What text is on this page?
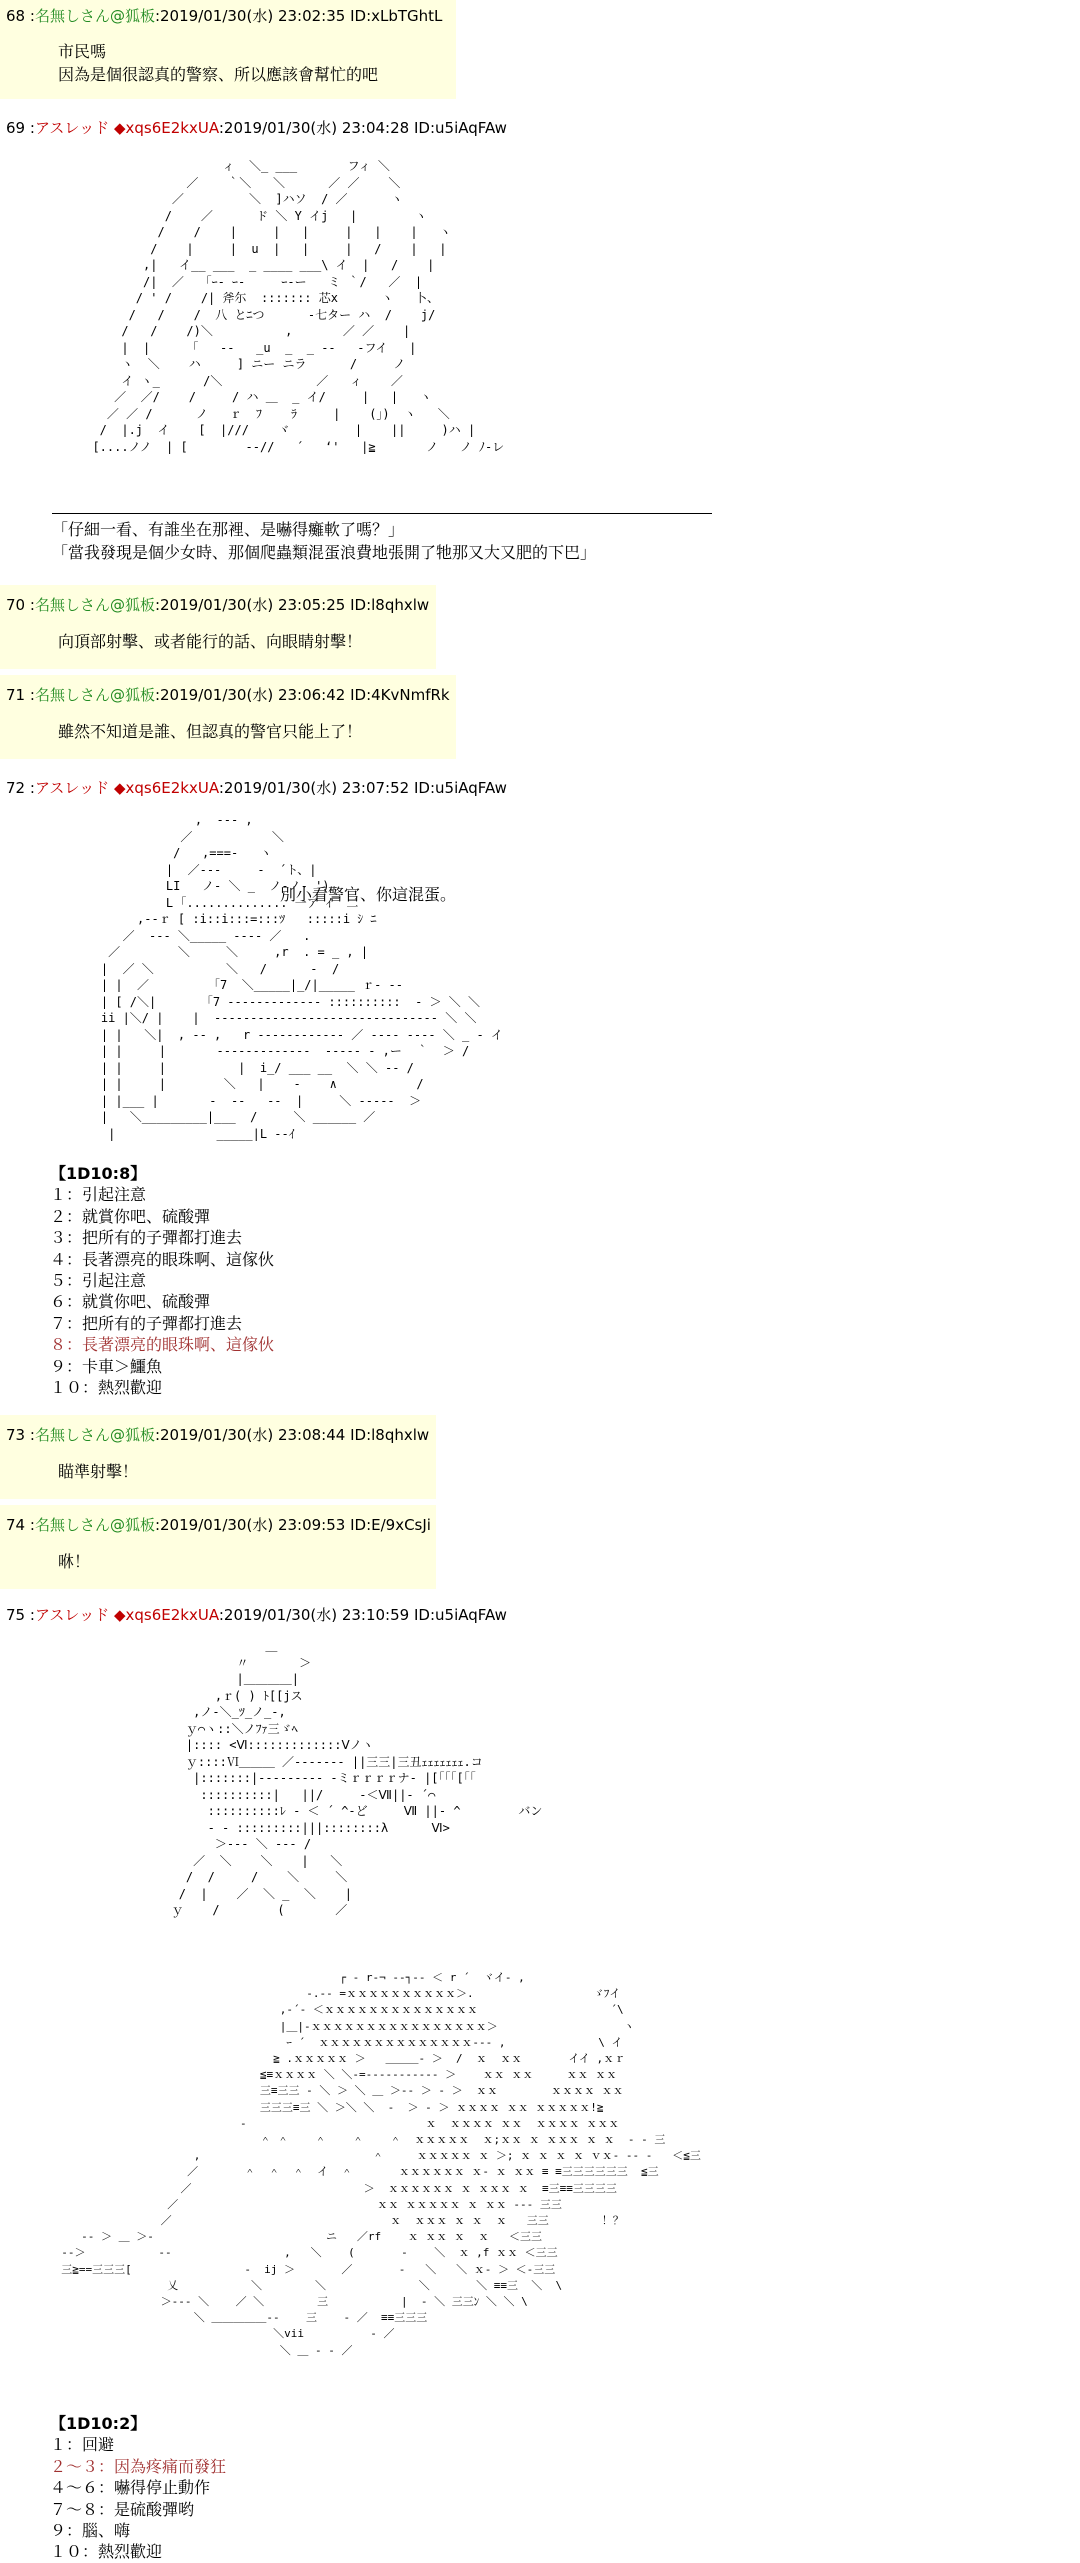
68 :名無しさん@狐板:2019/01/30(水) 23:02:35 ID:xLbTGhtL
市民嗎
因為是個很認真的警察、所以應該會幫忙的吧
69 :アスレッド ◆xqs6E2kxUA:2019/01/30(水) 23:04:28 ID:u5iAqFAw
ィ  ＼_ ___       フィ ＼
／    ｀＼   ＼      ／ ／    ＼
／         ＼  ]ハソ  / ／      ヽ
/    ／      ド ＼ Y イj   |        ヽ
/    /    |     |   |     |   |    |   ヽ
/    |     |  u  |   |     |   /    |   |
,|   イ__ ___  _ ____ ___\ イ  |   /    |
/|  ／   ｢ｰ‐ ｰ‐     ｰ‐ー   ミ ｀/   ／  |
/ ' /    /| 斧尓  ::::::: 芯x      ヽ   卜、
/   /    /  八 とﾆつ      ‐七ター ハ  /    j/
/   /    /)＼          ,       ／ ／    |
|  |     「   ‐-   _u  _  _ -‐   -フイ   |
ヽ  ＼    ハ     ] ニー ニラ      /     ノ
イ ヽ_      /＼             ／   ィ    ／
／  ／/    /     / ハ ＿  _ イ/     |   |   ヽ
／ ／ /      ノ   ｒ  ﾌ    ﾗ     |    (｣)  ヽ   ＼
/  |.j  イ    [  |///    ヾ         |    ||     )ハ |
[....ノノ  | [        ‐‐//   ´   ‘'   |≧       ノ   ノ ﾉ‐レ
「仔細一看、有誰坐在那裡、是嚇得癱軟了嗎？」
「當我發現是個少女時、那個爬蟲類混蛋浪費地張開了牠那又大又肥的下巴」
70 :名無しさん@狐板:2019/01/30(水) 23:05:25 ID:l8qhxlw
向頂部射擊、或者能行的話、向眼睛射擊！
71 :名無しさん@狐板:2019/01/30(水) 23:06:42 ID:4KvNmfRk
雖然不知道是誰、但認真的警官只能上了！
72 :アスレッド ◆xqs6E2kxUA:2019/01/30(水) 23:07:52 ID:u5iAqFAw
,  ‐‐‐ ,
／           ＼
/   ,===‐   ヽ
|  ／‐‐‐     ‐  ´ト、|
LI   ノ- ＼ _  ノ‐ノ‐ ')
L ｢.............. 一ア ｲ  二
,‐‐ｒ [ :i::i:::=:::ﾂ   :::::i ｼ ﾆ
／  ‐‐‐ ＼_____ ‐‐‐‐ ／   .
／        ＼     ＼     ,r  . = _ , |
|  ／ ＼          ＼   /      ‐  /
| |  ／         ｢7  ＼_____|_/|_____ ｒ‐ ‐‐
| [ /＼|       ｢7 ‐‐‐‐‐‐‐‐‐‐‐‐‐ ::::::::::  ‐ ＞ ＼ ＼
ii |＼/ |    |  ‐‐‐‐‐‐‐‐‐‐‐‐‐‐‐‐‐‐‐‐‐‐‐‐‐‐‐‐‐‐‐ ＼ ＼
| |   ＼|  , ‐‐ ,   r ‐‐‐‐‐‐‐‐‐‐‐‐ ／ ‐‐‐‐ ‐‐‐‐ ＼ _ ‐ イ
| |     |       ‐‐‐‐‐‐‐‐‐‐‐‐‐  ‐‐‐‐‐ ‐ ,ー  ｀  ＞ /
| |     |          |  i_/ ___ __  ＼ ＼ ‐‐ /
| |     |        ＼   |    ‐    ∧           /
| |___ |       ‐  ‐‐   ‐‐  |     ＼ ‐‐‐‐‐  ＞
|   ＼_________|___  /     ＼ ______ ／
|              _____|L ‐‐ｲ
別小看警官、你這混蛋。
【1D10:8】
１：引起注意
２：就賞你吧、硫酸彈
３：把所有的子彈都打進去
４：長著漂亮的眼珠啊、這傢伙
５：引起注意
６：就賞你吧、硫酸彈
７：把所有的子彈都打進去
８：長著漂亮的眼珠啊、這傢伙
９：卡車＞鱷魚
１０：熱烈歡迎
73 :名無しさん@狐板:2019/01/30(水) 23:08:44 ID:l8qhxlw
瞄準射擊！
74 :名無しさん@狐板:2019/01/30(水) 23:09:53 ID:E/9xCsJi
咻！
75 :アスレッド ◆xqs6E2kxUA:2019/01/30(水) 23:10:59 ID:u5iAqFAw
＿
〃       ＞
|＿＿＿＿|
,ｒ( ) ﾄ[[jス
,ノ‐＼_ﾂ_ノ_‐,
ｙ⌒ヽ::＼ノﾌｧ三ゞﾍ
|:::: <Ⅵ:::::::::::::Ⅴノヽ
ｙ::::Ⅵ＿＿＿ ／‐‐‐‐‐‐‐ ||三三|三丑ｪｪｪｪｪｪｪ.コ
|:::::::|‐‐‐‐‐‐‐‐‐ ‐ミｒｒｒｒナ‐ |[｢｢｢[｢｢
::::::::::|   ||/     ‐＜Ⅶ||‐ ´⌒
::::::::::ﾚ ‐ ＜ ´ ^‐ど     Ⅶ ||‐ ^        バン
‐ ‐ :::::::::|||::::::::λ      Ⅵ>
＞‐‐‐ ＼ ‐‐‐ /
／  ＼    ＼    |   ＼
/  /     /    ＼     ＼
/  |    ／  ＼ _  ＼    |
ｙ    /        (       ／
┌ ‐ r‐¬ ‐‐┐‐‐ ＜ r ´  ヾイ‐ ,
‐.‐‐ =ｘｘｘｘｘｘｘｘｘｘ＞.                  ゞﾌイ
,‐´‐ ＜ｘｘｘｘｘｘｘｘｘｘｘｘｘｘ                    ´\
|＿|‐ｘｘｘｘｘｘｘｘｘｘｘｘｘｘｘｘ＞                   ヽ
ｰ ´  ｘｘｘｘｘｘｘｘｘｘｘｘｘｘ‐‐‐ ,              \ イ
≧ .ｘｘｘｘｘ ＞   ＿＿＿‐ ＞  /  ｘ  ｘｘ       イイ ,ｘｒ
≦≡ｘｘｘｘ ＼ ＼‐=‐‐‐‐‐‐‐‐‐‐‐ ＞    ｘｘ ｘｘ     ｘｘ ｘｘ
三≡三三 ‐ ＼ ＞ ＼ ＿ ＞‐‐ ＞ ‐ ＞  ｘｘ        ｘｘｘｘ ｘｘ
三三三≡三 ＼ ＞＼ ＼  ‐  ＞ ‐ ＞ ｘｘｘｘ ｘｘ ｘｘｘｘｘ!≧
‐                           ｘ  ｘｘｘｘ ｘｘ  ｘｘｘｘ ｘｘｘ
＾ ＾    ＾    ＾    ＾  ｘｘｘｘｘ  ｘ;ｘｘ ｘ ｘｘｘ ｘ ｘ  ‐ ‐ 三
,                          ＾     ｘｘｘｘｘ ｘ ＞; ｘ ｘ ｘ ｘ ｖｘ‐ ‐‐ ‐   ＜≦三
／       ＾  ＾  ＾  イ  ＾       ｘｘｘｘｘｘ ｘ‐ ｘ ｘｘ ≡ ≡三三三三三三  ≦三
／                          ＞  ｘｘｘｘｘｘ ｘ ｘｘｘ ｘ  ≡三≡≡三三三三
／                              ｘｘ ｘｘｘｘｘ ｘ ｘｘ ‐‐‐ 三三
／                                 ｘ  ｘｘｘ ｘ ｘ  ｘ   三三        ！？
‐‐ ＞ ＿ ＞‐                          ニ   ／rf    ｘ ｘｘ ｘ  ｘ   ＜三三
‐‐＞           ‐‐                 ,   ＼    (       ‐    ＼  ｘ ,f ｘｘ ＜三三
三≧==三三三[                 ‐  ij ＞       ／       ‐   ＼   ＼ ｘ‐ ＞ ＜‐三三
乂           ＼        ＼              ＼       ＼ ≡≡三  ＼  \
＞‐‐‐ ＼    ／ ＼        三           |  ‐ ＼ 三三ﾝ ＼ ＼ \
＼ ＿＿＿＿＿‐‐    三    ‐ ／  ≡≡三三三
＼vii          ‐ ／
＼ ＿ ‐ ‐ ／
【1D10:2】
１：回避
２～３：因為疼痛而發狂
４～６：嚇得停止動作
７～８：是硫酸彈哟
９：腦、嗨
１０：熱烈歡迎
